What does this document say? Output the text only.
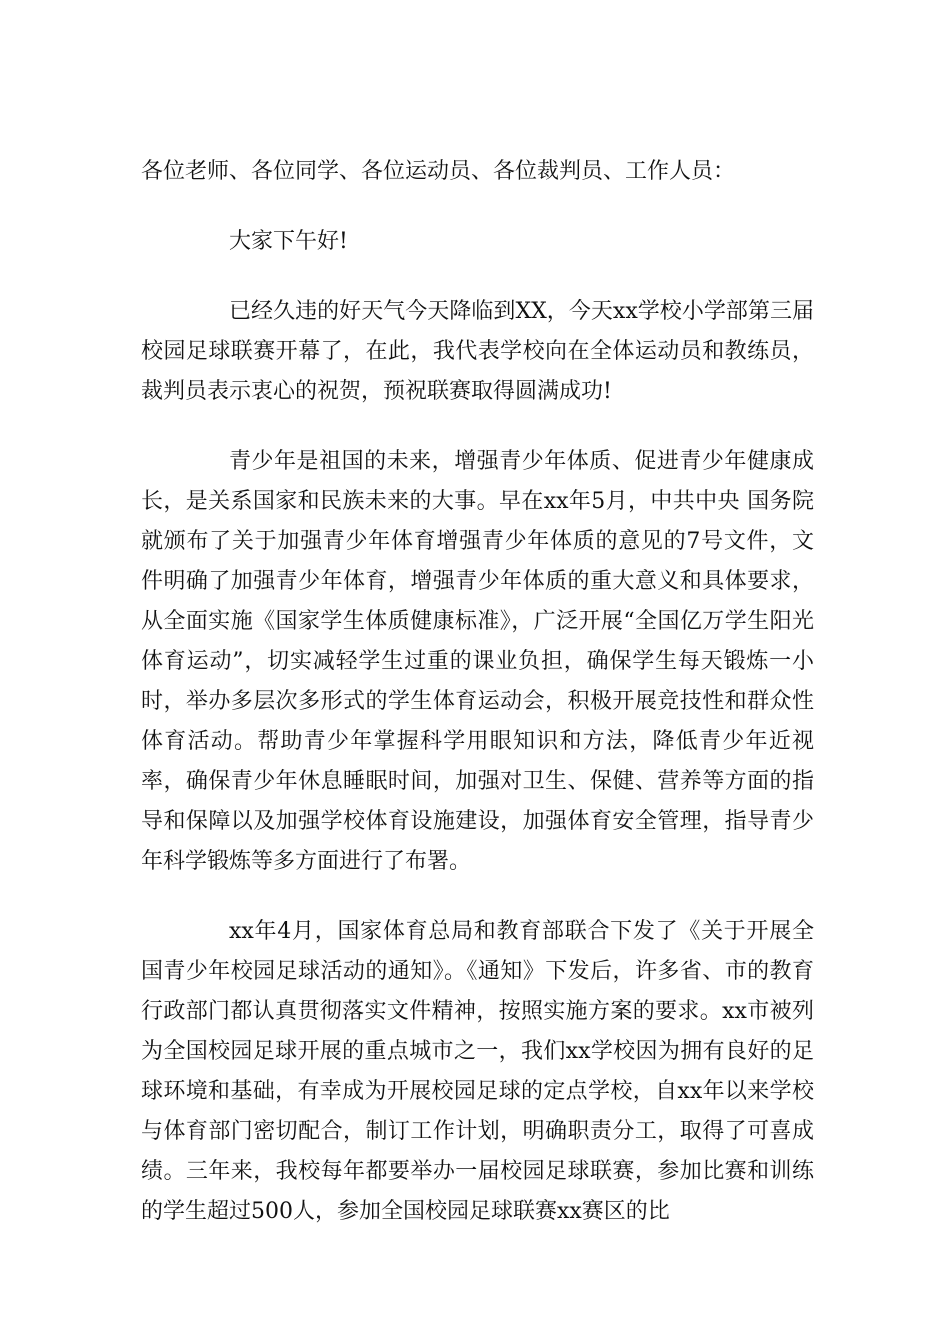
各位老师、各位同学、各位运动员、各位裁判员、工作人员：

大家下午好!

已经久违的好天气今天降临到XX，今天xx学校小学部第三届校园足球联赛开幕了，在此，我代表学校向在全体运动员和教练员，裁判员表示衷心的祝贺，预祝联赛取得圆满成功!

青少年是祖国的未来，增强青少年体质、促进青少年健康成长，是关系国家和民族未来的大事。早在xx年5月，中共中央 国务院就颁布了关于加强青少年体育增强青少年体质的意见的7号文件，文件明确了加强青少年体育，增强青少年体质的重大意义和具体要求，从全面实施《国家学生体质健康标准》，广泛开展“全国亿万学生阳光体育运动”，切实减轻学生过重的课业负担，确保学生每天锻炼一小时，举办多层次多形式的学生体育运动会，积极开展竞技性和群众性体育活动。帮助青少年掌握科学用眼知识和方法，降低青少年近视率，确保青少年休息睡眠时间，加强对卫生、保健、营养等方面的指导和保障以及加强学校体育设施建设，加强体育安全管理，指导青少年科学锻炼等多方面进行了布署。

xx年4月，国家体育总局和教育部联合下发了《关于开展全国青少年校园足球活动的通知》。《通知》下发后，许多省、市的教育行政部门都认真贯彻落实文件精神，按照实施方案的要求。xx市被列为全国校园足球开展的重点城市之一，我们xx学校因为拥有良好的足球环境和基础，有幸成为开展校园足球的定点学校，自xx年以来学校与体育部门密切配合，制订工作计划，明确职责分工，取得了可喜成绩。三年来，我校每年都要举办一届校园足球联赛，参加比赛和训练的学生超过500人，参加全国校园足球联赛xx赛区的比
